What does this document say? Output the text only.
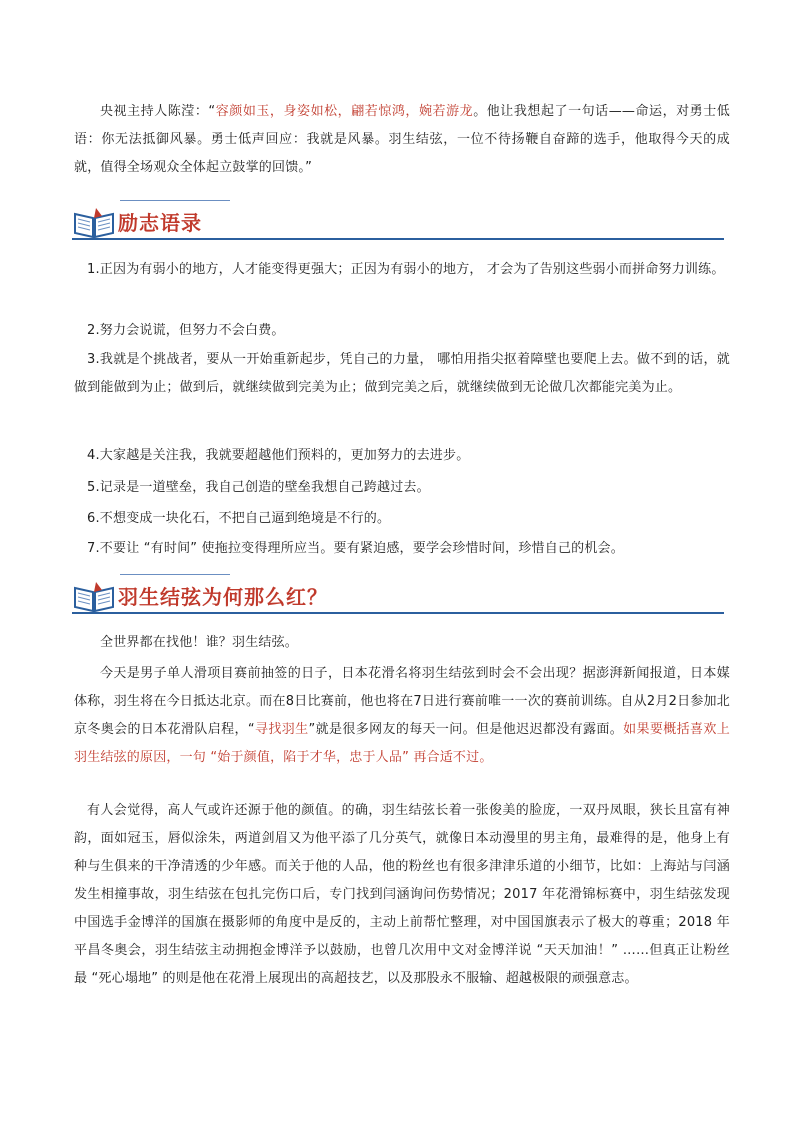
央视主持人陈滢：“容颜如玉，身姿如松，翩若惊鸿，婉若游龙。他让我想起了一句话——命运，对勇士低语：你无法抵御风暴。勇士低声回应：我就是风暴。羽生结弦，一位不待扬鞭自奋蹄的选手，他取得今天的成就，值得全场观众全体起立鼓掌的回馈。”

励志语录

1.正因为有弱小的地方，人才能变得更强大；正因为有弱小的地方， 才会为了告别这些弱小而拼命努力训练。

2.努力会说谎，但努力不会白费。

3.我就是个挑战者，要从一开始重新起步，凭自己的力量， 哪怕用指尖抠着障壁也要爬上去。做不到的话，就做到能做到为止；做到后，就继续做到完美为止；做到完美之后，就继续做到无论做几次都能完美为止。

4.大家越是关注我，我就要超越他们预料的，更加努力的去进步。

5.记录是一道壁垒，我自己创造的壁垒我想自己跨越过去。

6.不想变成一块化石，不把自己逼到绝境是不行的。

7.不要让 “有时间” 使拖拉变得理所应当。要有紧迫感，要学会珍惜时间，珍惜自己的机会。

羽生结弦为何那么红？

全世界都在找他！谁？羽生结弦。

今天是男子单人滑项目赛前抽签的日子，日本花滑名将羽生结弦到时会不会出现？据澎湃新闻报道，日本媒体称，羽生将在今日抵达北京。而在8日比赛前，他也将在7日进行赛前唯一一次的赛前训练。自从2月2日参加北京冬奥会的日本花滑队启程，“寻找羽生”就是很多网友的每天一问。但是他迟迟都没有露面。如果要概括喜欢上羽生结弦的原因，一句 “始于颜值，陷于才华，忠于人品” 再合适不过。

有人会觉得，高人气或许还源于他的颜值。的确，羽生结弦长着一张俊美的脸庞，一双丹凤眼，狭长且富有神韵，面如冠玉，唇似涂朱，两道剑眉又为他平添了几分英气，就像日本动漫里的男主角，最难得的是，他身上有种与生俱来的干净清透的少年感。而关于他的人品，他的粉丝也有很多津津乐道的小细节，比如：上海站与闫涵发生相撞事故，羽生结弦在包扎完伤口后，专门找到闫涵询问伤势情况；2017 年花滑锦标赛中，羽生结弦发现中国选手金博洋的国旗在摄影师的角度中是反的，主动上前帮忙整理，对中国国旗表示了极大的尊重；2018 年平昌冬奥会，羽生结弦主动拥抱金博洋予以鼓励，也曾几次用中文对金博洋说 “天天加油！” ……但真正让粉丝最 “死心塌地” 的则是他在花滑上展现出的高超技艺，以及那股永不服输、超越极限的顽强意志。
